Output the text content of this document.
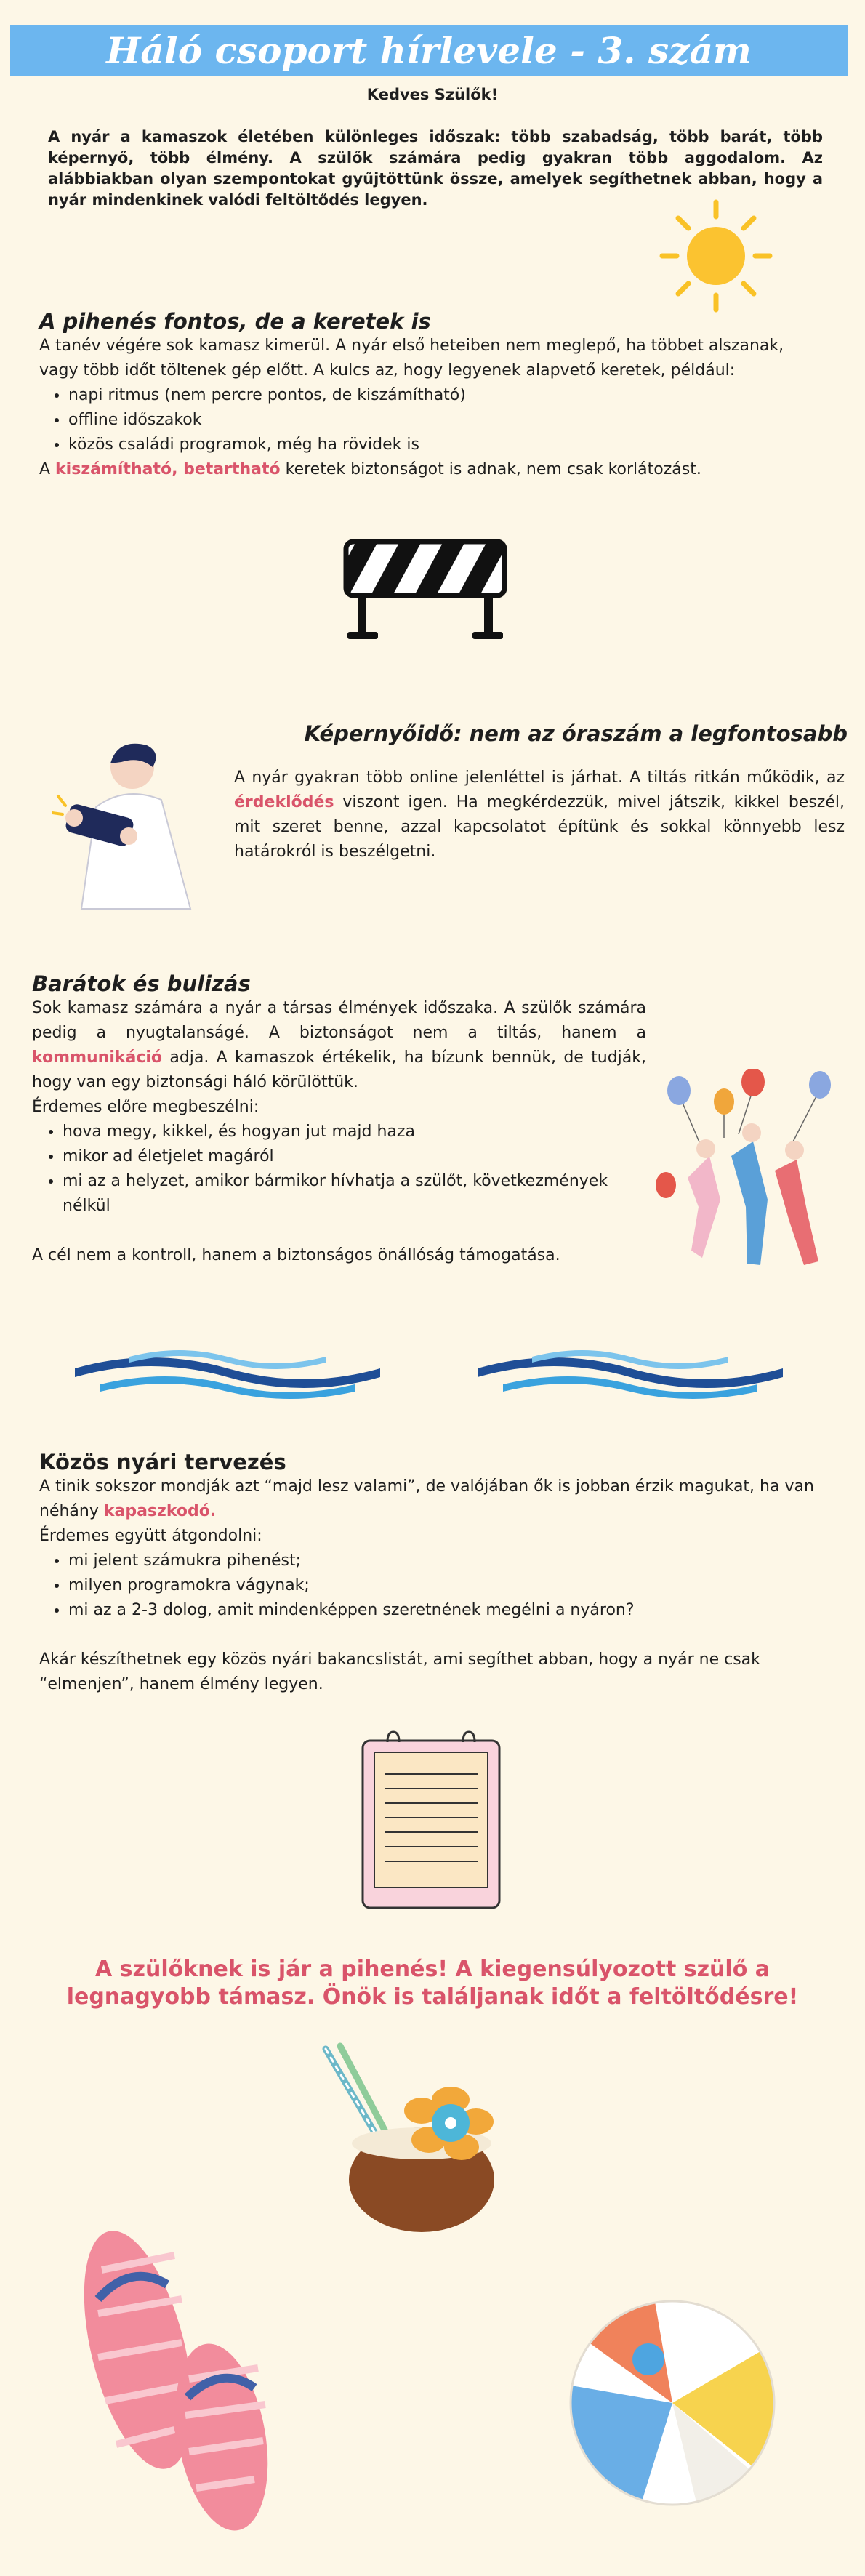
Háló csoport hírlevele - 3. szám
Kedves Szülők!

A nyár a kamaszok életében különleges időszak: több szabadság, több barát, több képernyő, több élmény. A szülők számára pedig gyakran több aggodalom. Az alábbiakban olyan szempontokat gyűjtöttünk össze, amelyek segíthetnek abban, hogy a nyár mindenkinek valódi feltöltődés legyen.

A pihenés fontos, de a keretek is

A tanév végére sok kamasz kimerül. A nyár első heteiben nem meglepő, ha többet alszanak, vagy több időt töltenek gép előtt. A kulcs az, hogy legyenek alapvető keretek, például:

• napi ritmus (nem percre pontos, de kiszámítható)
• offline időszakok
• közös családi programok, még ha rövidek is

A kiszámítható, betartható keretek biztonságot is adnak, nem csak korlátozást.

Képernyőidő: nem az óraszám a legfontosabb

A nyár gyakran több online jelenléttel is járhat. A tiltás ritkán működik, az érdeklődés viszont igen. Ha megkérdezzük, mivel játszik, kikkel beszél, mit szeret benne, azzal kapcsolatot építünk és sokkal könnyebb lesz határokról is beszélgetni.

Barátok és bulizás

Sok kamasz számára a nyár a társas élmények időszaka. A szülők számára pedig a nyugtalanságé. A biztonságot nem a tiltás, hanem a kommunikáció adja. A kamaszok értékelik, ha bízunk bennük, de tudják, hogy van egy biztonsági háló körülöttük.

Érdemes előre megbeszélni:

• hova megy, kikkel, és hogyan jut majd haza
• mikor ad életjelet magáról
• mi az a helyzet, amikor bármikor hívhatja a szülőt, következmények nélkül

A cél nem a kontroll, hanem a biztonságos önállóság támogatása.

Közös nyári tervezés

A tinik sokszor mondják azt “majd lesz valami”, de valójában ők is jobban érzik magukat, ha van néhány kapaszkodó.

Érdemes együtt átgondolni:

• mi jelent számukra pihenést;
• milyen programokra vágynak;
• mi az a 2-3 dolog, amit mindenképpen szeretnének megélni a nyáron?

Akár készíthetnek egy közös nyári bakancslistát, ami segíthet abban, hogy a nyár ne csak “elmenjen”, hanem élmény legyen.

A szülőknek is jár a pihenés! A kiegensúlyozott szülő a legnagyobb támasz. Önök is találjanak időt a feltöltődésre!
